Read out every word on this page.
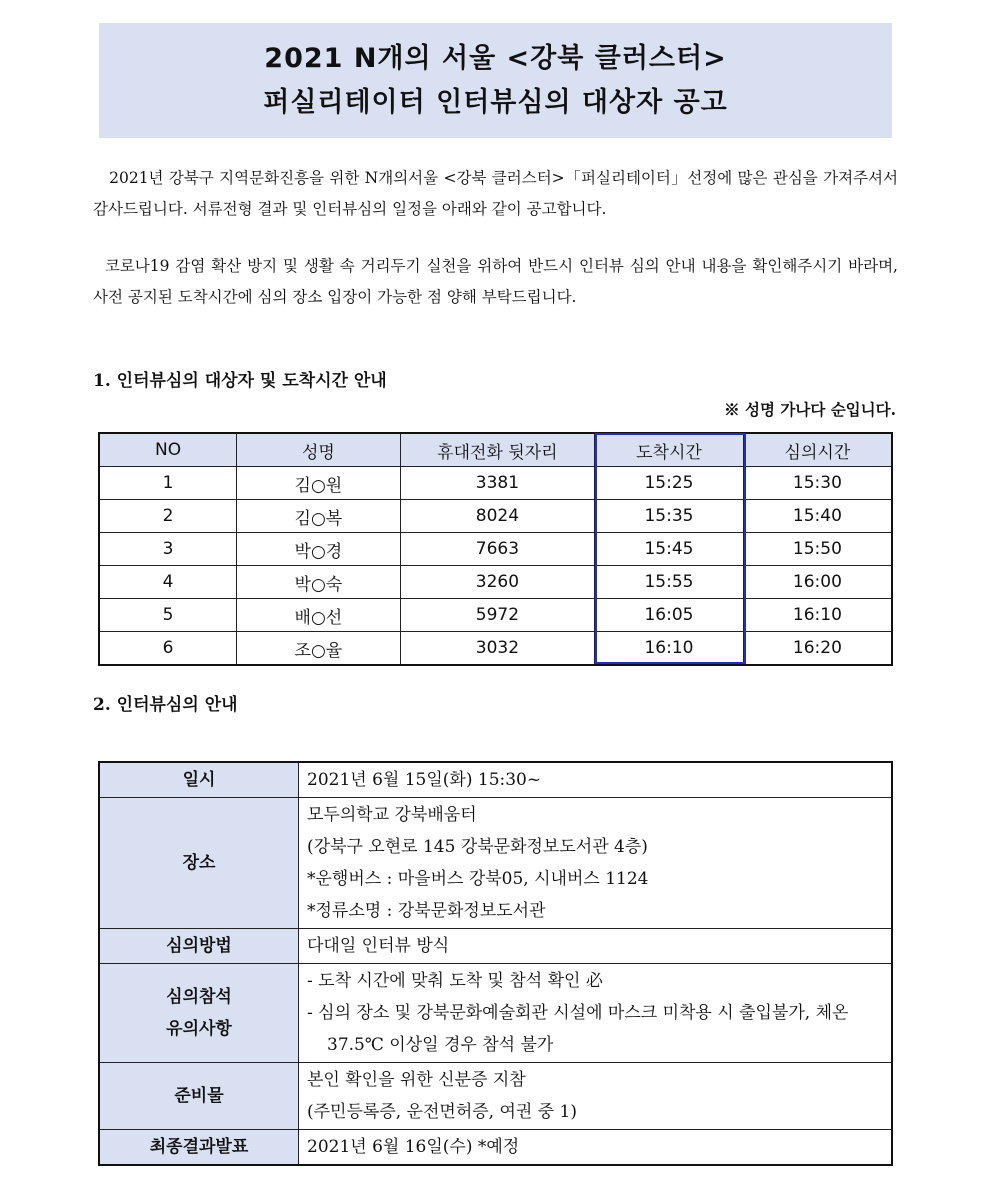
2021 N개의 서울 <강북 클러스터>
퍼실리테이터 인터뷰심의 대상자 공고
2021년 강북구 지역문화진흥을 위한 N개의서울 <강북 클러스터>「퍼실리테이터」선정에 많은 관심을 가져주셔서 감사드립니다. 서류전형 결과 및 인터뷰심의 일정을 아래와 같이 공고합니다.
코로나19 감염 확산 방지 및 생활 속 거리두기 실천을 위하여 반드시 인터뷰 심의 안내 내용을 확인해주시기 바라며, 사전 공지된 도착시간에 심의 장소 입장이 가능한 점 양해 부탁드립니다.
1. 인터뷰심의 대상자 및 도착시간 안내
※ 성명 가나다 순입니다.
NO	성명	휴대전화 뒷자리	도착시간	심의시간
1	김○원	3381	15:25	15:30
2	김○복	8024	15:35	15:40
3	박○경	7663	15:45	15:50
4	박○숙	3260	15:55	16:00
5	배○선	5972	16:05	16:10
6	조○율	3032	16:10	16:20
2. 인터뷰심의 안내
일시	2021년 6월 15일(화) 15:30~

장소	모두의학교 강북배움터
(강북구 오현로 145 강북문화정보도서관 4층)
*운행버스 : 마을버스 강북05, 시내버스 1124
*정류소명 : 강북문화정보도서관

심의방법	다대일 인터뷰 방식

심의참석
유의사항	- 도착 시간에 맞춰 도착 및 참석 확인 必
- 심의 장소 및 강북문화예술회관 시설에 마스크 미착용 시 출입불가, 체온 37.5℃ 이상일 경우 참석 불가

준비물	본인 확인을 위한 신분증 지참
(주민등록증, 운전면허증, 여권 중 1)

최종결과발표	2021년 6월 16일(수) *예정
